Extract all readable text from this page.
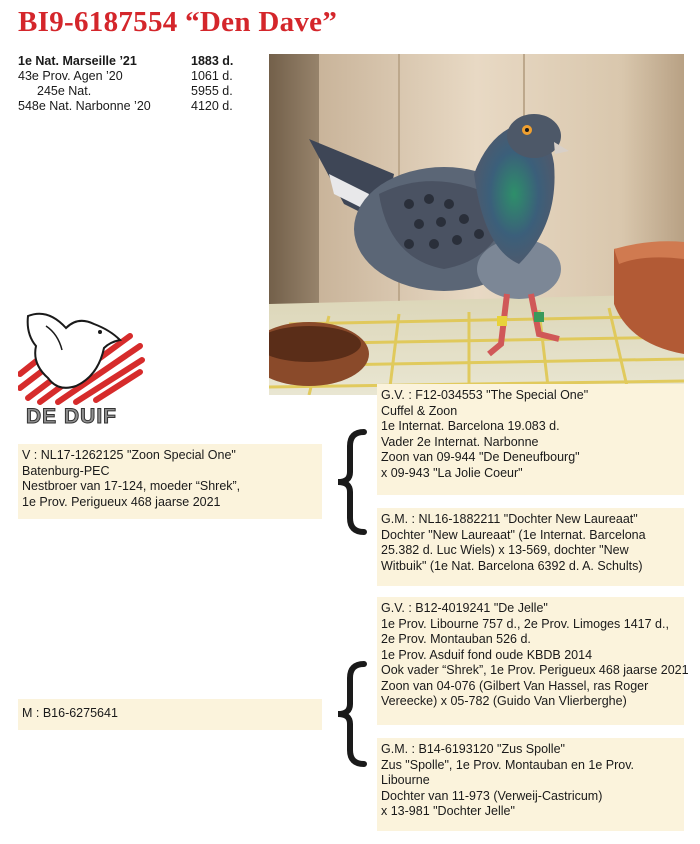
BI9-6187554 “Den Dave”
1e Nat. Marseille ’21	1883 d.
43e Prov. Agen ’20	1061 d.
245e Nat.	5955 d.
548e Nat. Narbonne ’20	4120 d.
DE DUIF
V : NL17-1262125 "Zoon Special One"
Batenburg-PEC
Nestbroer van 17-124, moeder “Shrek”,
1e Prov. Perigueux 468 jaarse 2021
M : B16-6275641
G.V. : F12-034553 "The Special One"
Cuffel & Zoon
1e Internat. Barcelona 19.083 d.
Vader 2e Internat. Narbonne
Zoon van 09-944 "De Deneufbourg"
x 09-943 "La Jolie Coeur"
G.M. : NL16-1882211 "Dochter New Laureaat"
Dochter "New Laureaat" (1e Internat. Barcelona
25.382 d. Luc Wiels) x 13-569, dochter "New
Witbuik" (1e Nat. Barcelona 6392 d. A. Schults)
G.V. : B12-4019241 "De Jelle"
1e Prov. Libourne 757 d., 2e Prov. Limoges 1417 d.,
2e Prov. Montauban 526 d.
1e Prov. Asduif fond oude KBDB 2014
Ook vader “Shrek”, 1e Prov. Perigueux 468 jaarse 2021
Zoon van 04-076 (Gilbert Van Hassel, ras Roger
Vereecke) x 05-782 (Guido Van Vlierberghe)
G.M. : B14-6193120 "Zus Spolle"
Zus "Spolle", 1e Prov. Montauban en 1e Prov.
Libourne
Dochter van 11-973 (Verweij-Castricum)
x 13-981 "Dochter Jelle"
